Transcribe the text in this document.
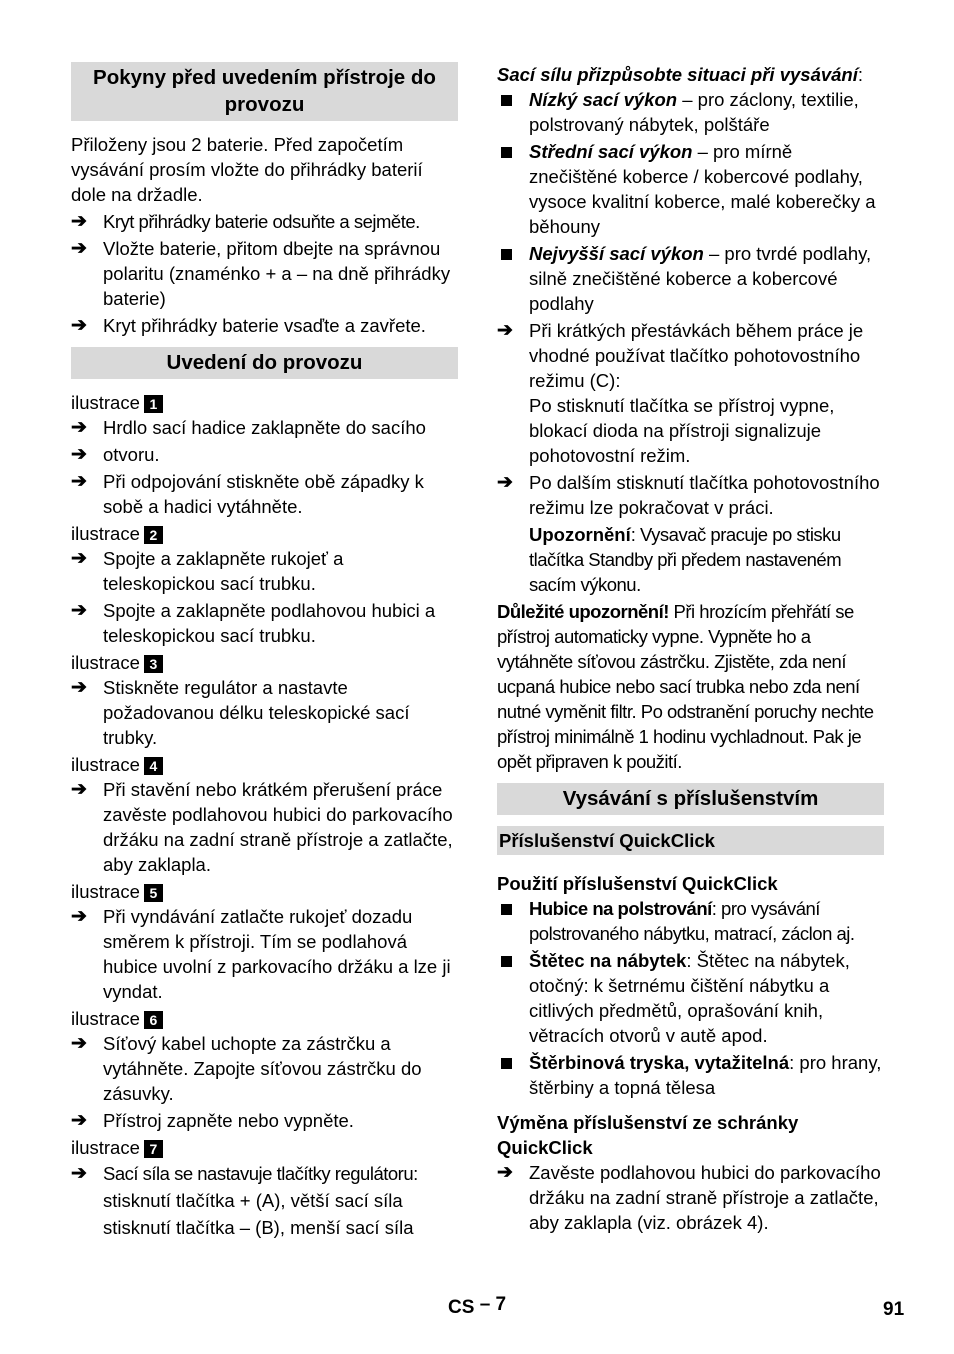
Pokyny před uvedením přístroje do provozu
Přiloženy jsou 2 baterie. Před započetím vysávání prosím vložte do přihrádky baterií dole na držadle.
➔ Kryt přihrádky baterie odsuňte a sejměte.
➔ Vložte baterie, přitom dbejte na správnou polaritu (znaménko + a – na dně přihrádky baterie)
➔ Kryt přihrádky baterie vsaďte a zavřete.
Uvedení do provozu
ilustrace 1
➔ Hrdlo sací hadice zaklapněte do sacího
➔ otvoru.
➔ Při odpojování stiskněte obě západky k sobě a hadici vytáhněte.
ilustrace 2
➔ Spojte a zaklapněte rukojeť a teleskopickou sací trubku.
➔ Spojte a zaklapněte podlahovou hubici a teleskopickou sací trubku.
ilustrace 3
➔ Stiskněte regulátor a nastavte požadovanou délku teleskopické sací trubky.
ilustrace 4
➔ Při stavění nebo krátkém přerušení práce zavěste podlahovou hubici do parkovacího držáku na zadní straně přístroje a zatlačte, aby zaklapla.
ilustrace 5
➔ Při vyndávání zatlačte rukojeť dozadu směrem k přístroji. Tím se podlahová hubice uvolní z parkovacího držáku a lze ji vyndat.
ilustrace 6
➔ Síťový kabel uchopte za zástrčku a vytáhněte. Zapojte síťovou zástrčku do zásuvky.
➔ Přístroj zapněte nebo vypněte.
ilustrace 7
➔ Sací síla se nastavuje tlačítky regulátoru:
stisknutí tlačítka + (A), větší sací síla
stisknutí tlačítka – (B), menší sací síla
Sací sílu přizpůsobte situaci při vysávání:
Nízký sací výkon – pro záclony, textilie, polstrovaný nábytek, polštáře
Střední sací výkon – pro mírně znečištěné koberce / kobercové podlahy, vysoce kvalitní koberce, malé koberečky a běhouny
Nejvyšší sací výkon – pro tvrdé podlahy, silně znečištěné koberce a kobercové podlahy
➔ Při krátkých přestávkách během práce je vhodné používat tlačítko pohotovostního režimu (C):
Po stisknutí tlačítka se přístroj vypne, blokací dioda na přístroji signalizuje pohotovostní režim.
➔ Po dalším stisknutí tlačítka pohotovostního režimu lze pokračovat v práci.
Upozornění: Vysavač pracuje po stisku tlačítka Standby při předem nastaveném sacím výkonu.
Důležité upozornění! Při hrozícím přehřátí se přístroj automaticky vypne. Vypněte ho a vytáhněte síťovou zástrčku. Zjistěte, zda není ucpaná hubice nebo sací trubka nebo zda není nutné vyměnit filtr. Po odstranění poruchy nechte přístroj minimálně 1 hodinu vychladnout. Pak je opět připraven k použití.
Vysávání s příslušenstvím
Příslušenství QuickClick
Použití příslušenství QuickClick
Hubice na polstrování: pro vysávání polstrovaného nábytku, matrací, záclon aj.
Štětec na nábytek: Štětec na nábytek, otočný: k šetrnému čištění nábytku a citlivých předmětů, oprašování knih, větracích otvorů v autě apod.
Štěrbinová tryska, vytažitelná: pro hrany, štěrbiny a topná tělesa
Výměna příslušenství ze schránky QuickClick
➔ Zavěste podlahovou hubici do parkovacího držáku na zadní straně přístroje a zatlačte, aby zaklapla (viz. obrázek 4).
CS – 7	91
